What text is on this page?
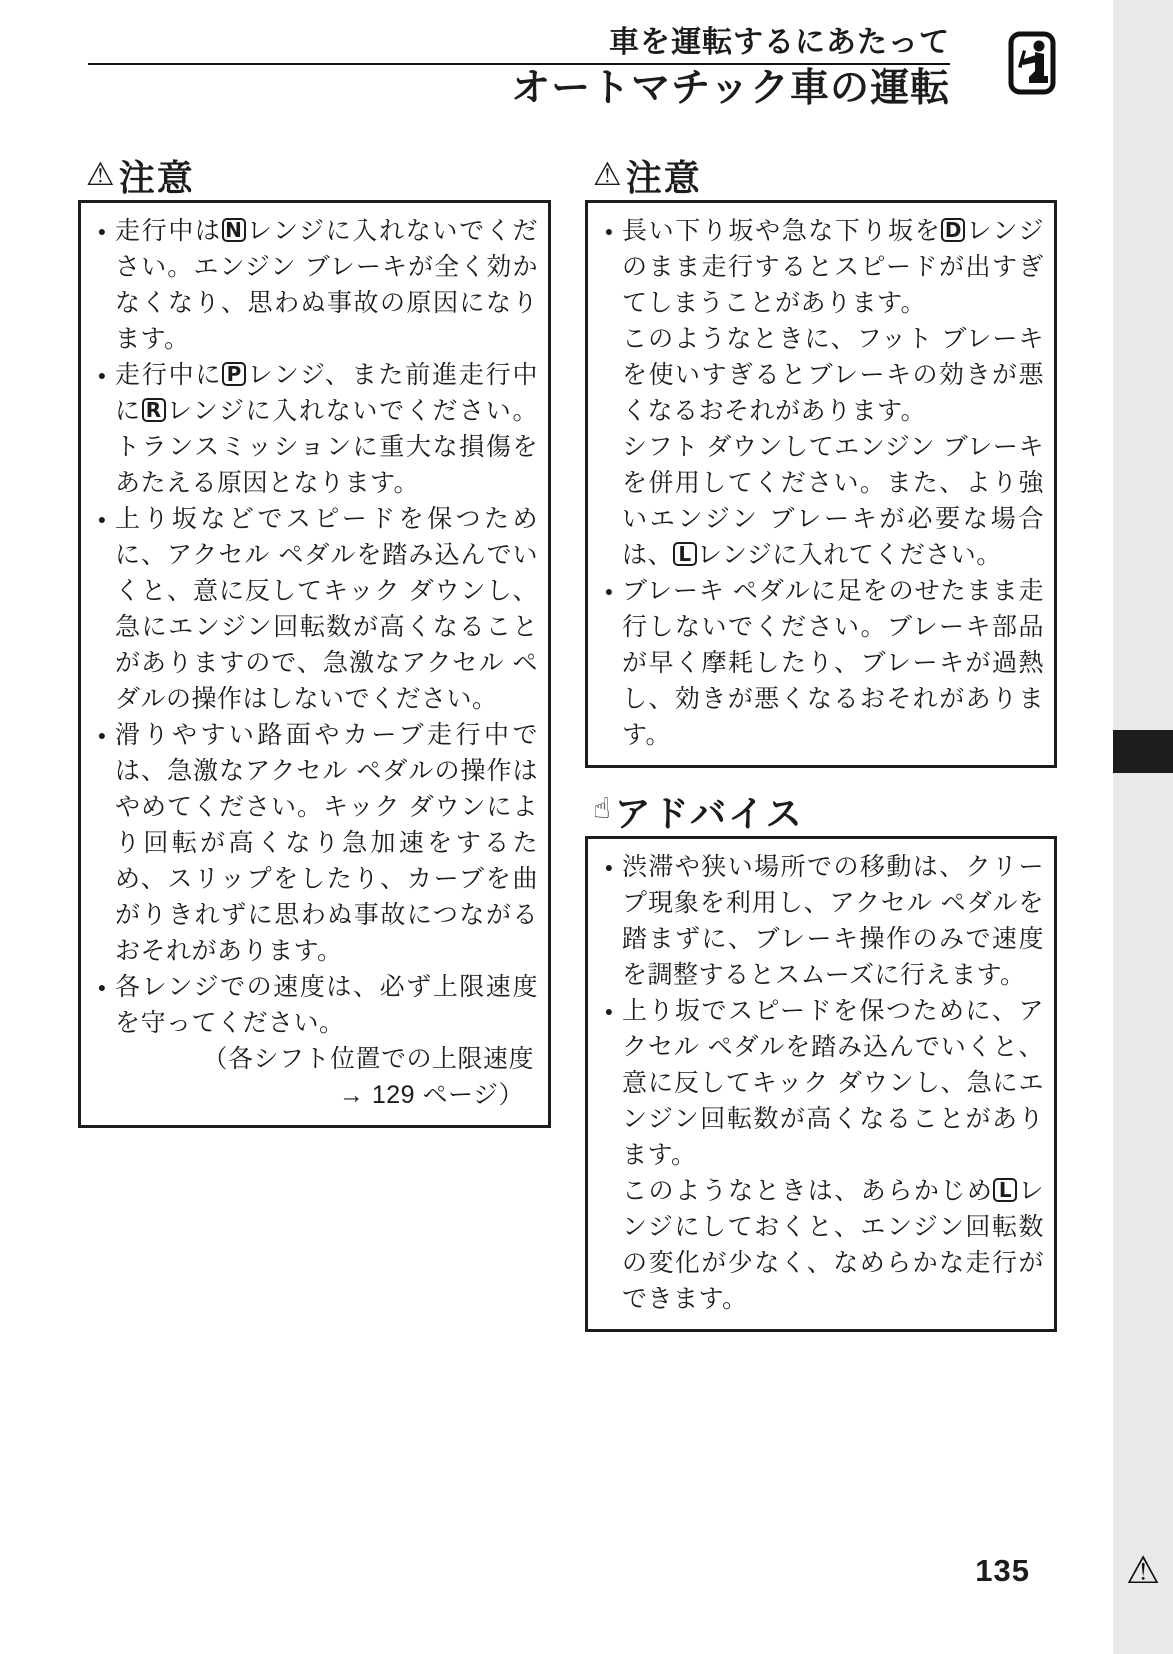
車を運転するにあたって
オートマチック車の運転
⚠ 注意
● 走行中は N レンジに入れないでください。エンジン ブレーキが全く効かなくなり、思わぬ事故の原因になります。
● 走行中に P レンジ、また前進走行中に R レンジに入れないでください。トランスミッションに重大な損傷をあたえる原因となります。
● 上り坂などでスピードを保つために、アクセル ペダルを踏み込んでいくと、意に反してキック ダウンし、急にエンジン回転数が高くなることがありますので、急激なアクセル ペダルの操作はしないでください。
● 滑りやすい路面やカーブ走行中では、急激なアクセル ペダルの操作はやめてください。キック ダウンにより回転が高くなり急加速をするため、スリップをしたり、カーブを曲がりきれずに思わぬ事故につながるおそれがあります。
● 各レンジでの速度は、必ず上限速度を守ってください。
（各シフト位置での上限速度
→ 129 ページ）
⚠ 注意
● 長い下り坂や急な下り坂を D レンジのまま走行するとスピードが出すぎてしまうことがあります。
このようなときに、フット ブレーキを使いすぎるとブレーキの効きが悪くなるおそれがあります。
シフト ダウンしてエンジン ブレーキを併用してください。また、より強いエンジン ブレーキが必要な場合は、 L レンジに入れてください。
● ブレーキ ペダルに足をのせたまま走行しないでください。ブレーキ部品が早く摩耗したり、ブレーキが過熱し、効きが悪くなるおそれがあります。
☝ アドバイス
● 渋滞や狭い場所での移動は、クリープ現象を利用し、アクセル ペダルを踏まずに、ブレーキ操作のみで速度を調整するとスムーズに行えます。
● 上り坂でスピードを保つために、アクセル ペダルを踏み込んでいくと、意に反してキック ダウンし、急にエンジン回転数が高くなることがあります。
このようなときは、あらかじめ L レンジにしておくと、エンジン回転数の変化が少なく、なめらかな走行ができます。
135	⚠
